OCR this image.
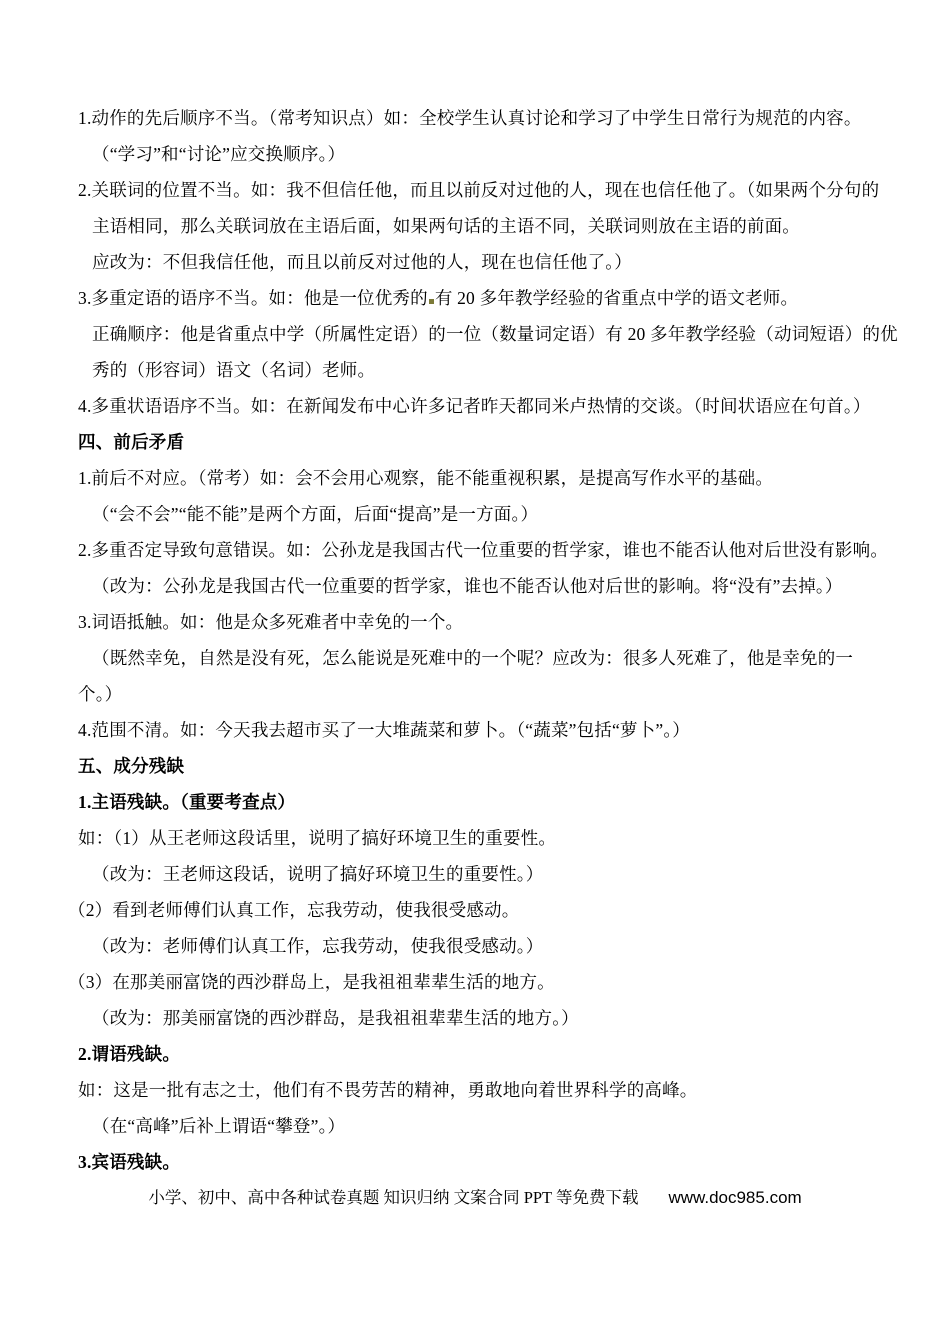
1.动作的先后顺序不当。（常考知识点）如：全校学生认真讨论和学习了中学生日常行为规范的内容。

（“学习”和“讨论”应交换顺序。）

2.关联词的位置不当。如：我不但信任他，而且以前反对过他的人，现在也信任他了。（如果两个分句的

主语相同，那么关联词放在主语后面，如果两句话的主语不同，关联词则放在主语的前面。

应改为：不但我信任他，而且以前反对过他的人，现在也信任他了。）

3.多重定语的语序不当。如：他是一位优秀的 有 20 多年教学经验的省重点中学的语文老师。

正确顺序：他是省重点中学（所属性定语）的一位（数量词定语）有 20 多年教学经验（动词短语）的优

秀的（形容词）语文（名词）老师。

4.多重状语语序不当。如：在新闻发布中心许多记者昨天都同米卢热情的交谈。（时间状语应在句首。）

四、前后矛盾

1.前后不对应。（常考）如：会不会用心观察，能不能重视积累，是提高写作水平的基础。

（“会不会”“能不能”是两个方面，后面“提高”是一方面。）

2.多重否定导致句意错误。如：公孙龙是我国古代一位重要的哲学家，谁也不能否认他对后世没有影响。

（改为：公孙龙是我国古代一位重要的哲学家，谁也不能否认他对后世的影响。将“没有”去掉。）

3.词语抵触。如：他是众多死难者中幸免的一个。

（既然幸免，自然是没有死，怎么能说是死难中的一个呢？应改为：很多人死难了，他是幸免的一

个。）

4.范围不清。如：今天我去超市买了一大堆蔬菜和萝卜。（“蔬菜”包括“萝卜”。）

五、成分残缺

1.主语残缺。（重要考查点）

如：（1）从王老师这段话里，说明了搞好环境卫生的重要性。

（改为：王老师这段话，说明了搞好环境卫生的重要性。）

（2）看到老师傅们认真工作，忘我劳动，使我很受感动。

（改为：老师傅们认真工作，忘我劳动，使我很受感动。）

（3）在那美丽富饶的西沙群岛上，是我祖祖辈辈生活的地方。

（改为：那美丽富饶的西沙群岛，是我祖祖辈辈生活的地方。）

2.谓语残缺。

如：这是一批有志之士，他们有不畏劳苦的精神，勇敢地向着世界科学的高峰。

（在“高峰”后补上谓语“攀登”。）

3.宾语残缺。

小学、初中、高中各种试卷真题 知识归纳 文案合同 PPT 等免费下载 www.doc985.com
